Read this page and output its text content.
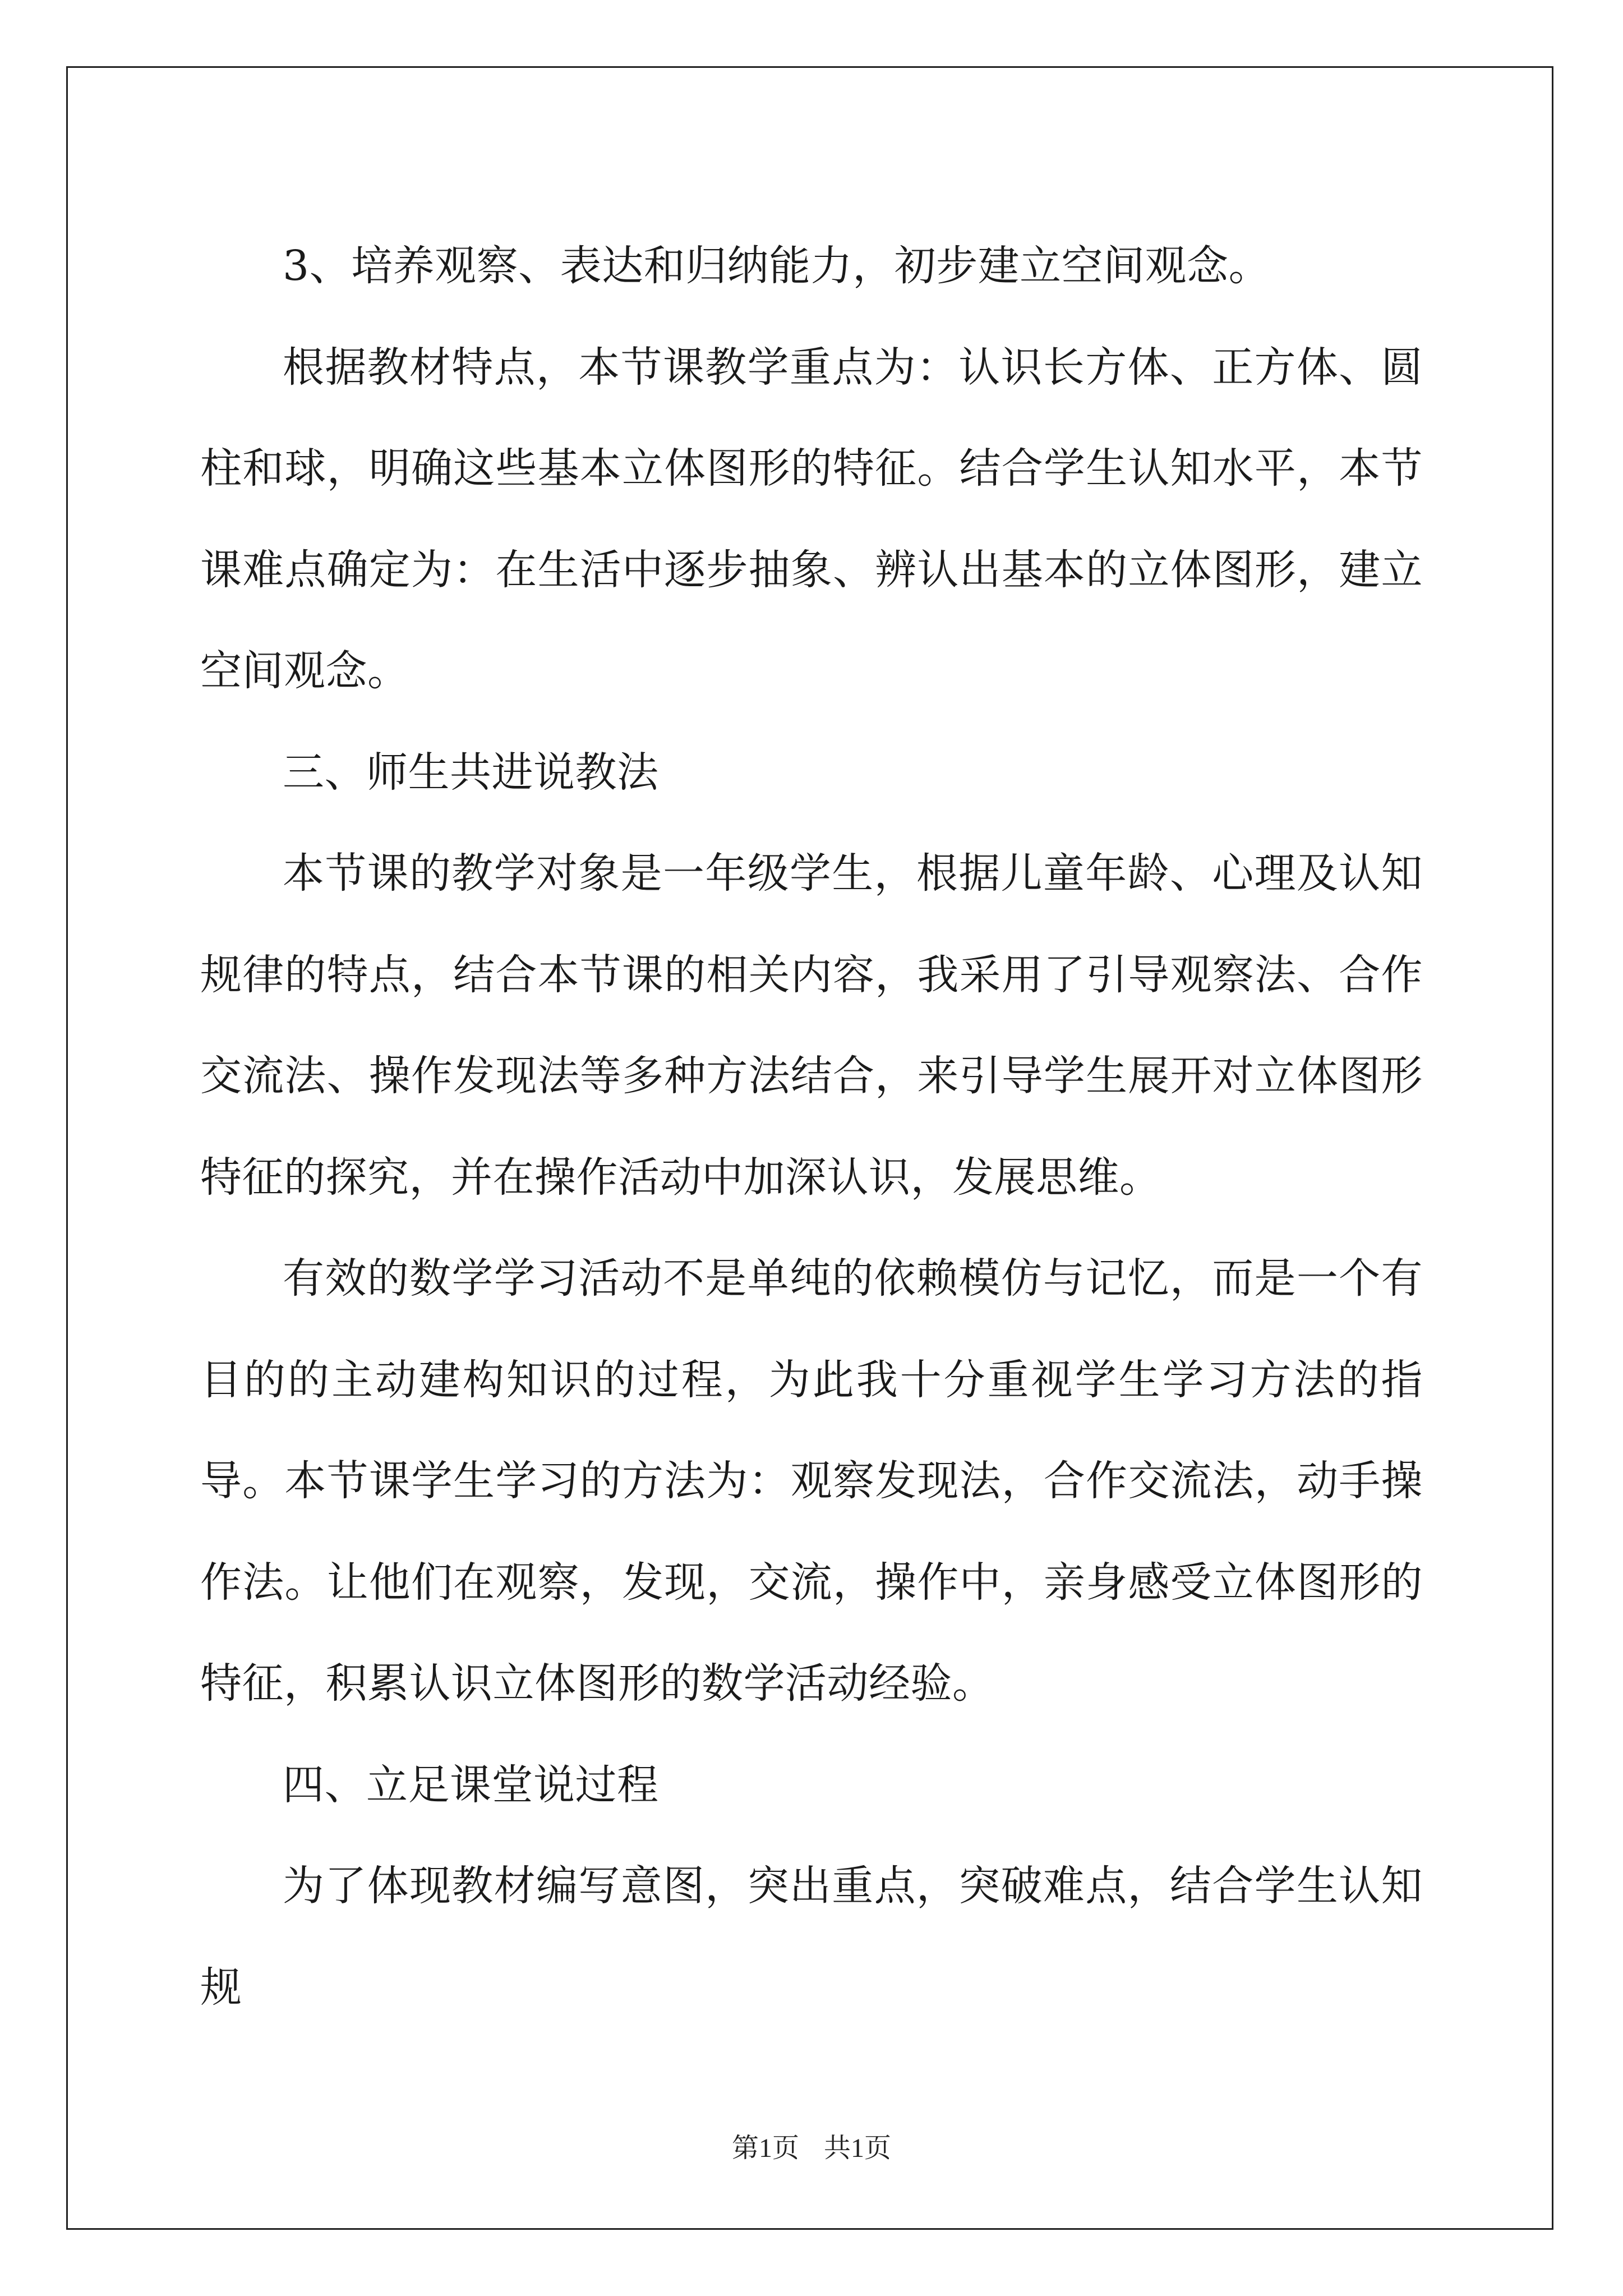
3、培养观察、表达和归纳能力，初步建立空间观念。

根据教材特点，本节课教学重点为：认识长方体、正方体、圆柱和球，明确这些基本立体图形的特征。结合学生认知水平，本节课难点确定为：在生活中逐步抽象、辨认出基本的立体图形，建立空间观念。

三、师生共进说教法

本节课的教学对象是一年级学生，根据儿童年龄、心理及认知规律的特点，结合本节课的相关内容，我采用了引导观察法、合作交流法、操作发现法等多种方法结合，来引导学生展开对立体图形特征的探究，并在操作活动中加深认识，发展思维。

有效的数学学习活动不是单纯的依赖模仿与记忆，而是一个有目的的主动建构知识的过程，为此我十分重视学生学习方法的指导。本节课学生学习的方法为：观察发现法，合作交流法，动手操作法。让他们在观察，发现，交流，操作中，亲身感受立体图形的特征，积累认识立体图形的数学活动经验。

四、立足课堂说过程

为了体现教材编写意图，突出重点，突破难点，结合学生认知规

第1页 共1页
